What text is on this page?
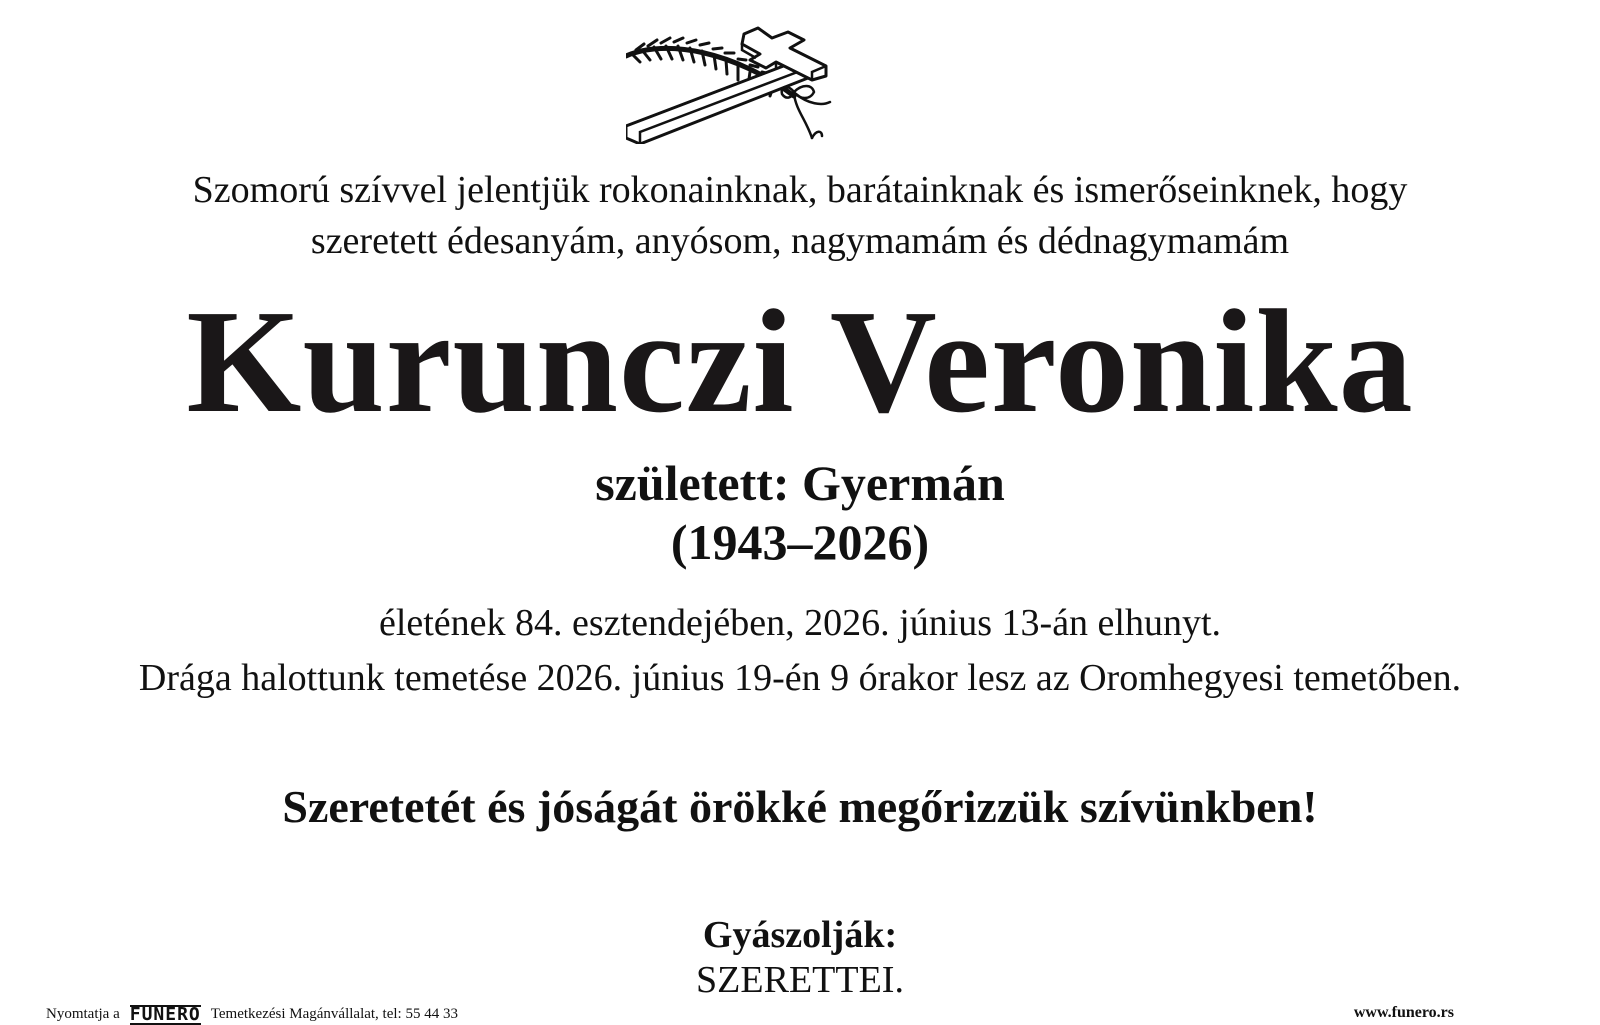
Szomorú szívvel jelentjük rokonainknak, barátainknak és ismerőseinknek, hogy
szeretett édesanyám, anyósom, nagymamám és dédnagymamám
Kurunczi Veronika
született: Gyermán
(1943–2026)
életének 84. esztendejében, 2026. június 13-án elhunyt.
Drága halottunk temetése 2026. június 19-én 9 órakor lesz az Oromhegyesi temetőben.
Szeretetét és jóságát örökké megőrizzük szívünkben!
Gyászolják:
SZERETTEI.
Nyomtatja a FUNERO Temetkezési Magánvállalat, tel: 55 44 33	www.funero.rs
